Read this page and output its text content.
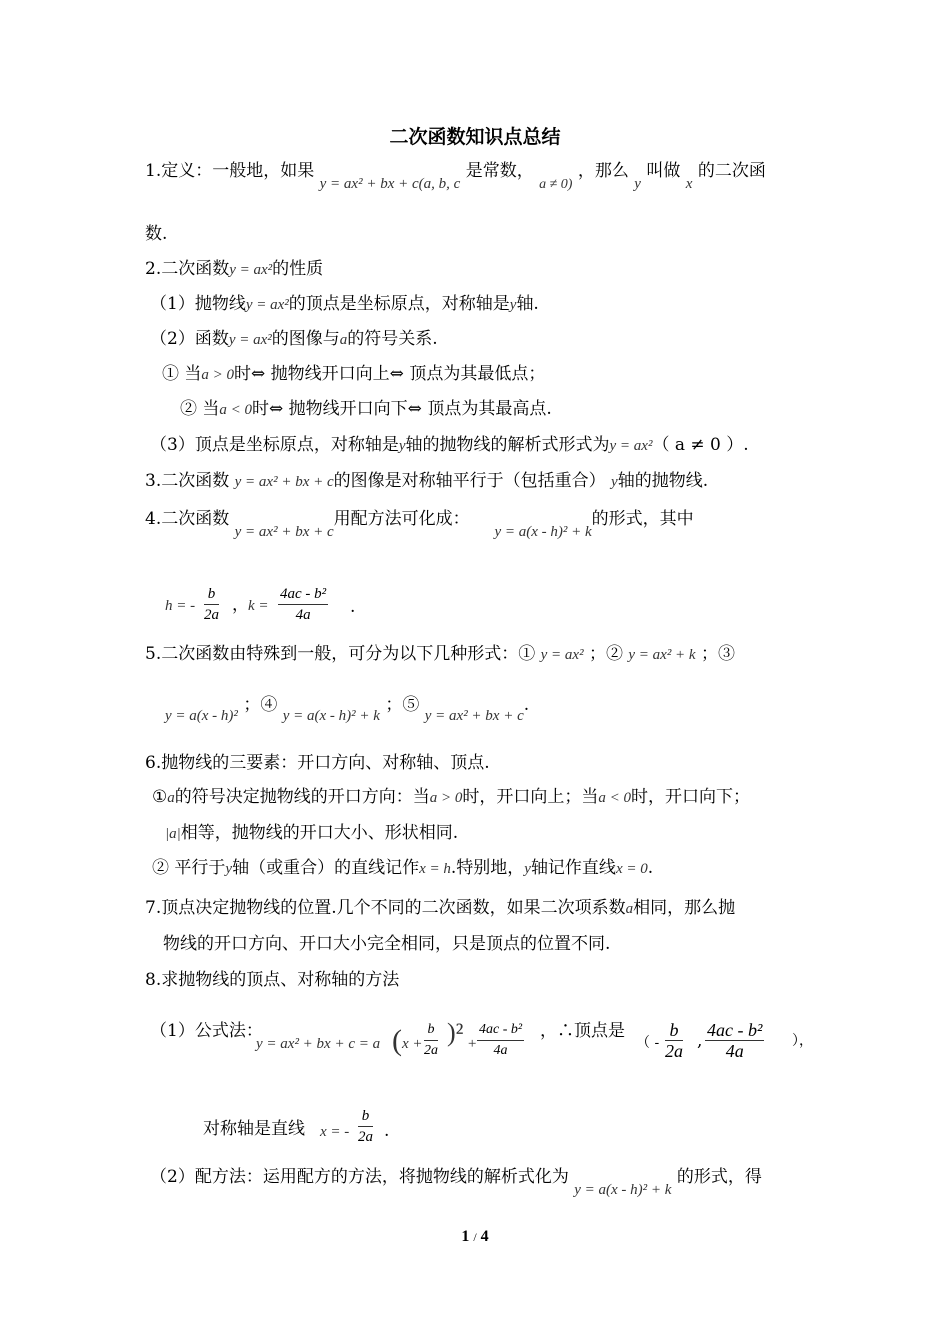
二次函数知识点总结
1.定义：一般地，如果 y = ax² + bx + c(a, b, c 是常数， $_{a \ne 0)}$ ，那么 y 叫做 x 的二次函
数.
2.二次函数y = ax²的性质
（1）抛物线y = ax²的顶点是坐标原点，对称轴是y轴.
（2）函数y = ax²的图像与a的符号关系.
① 当a > 0时⇔ 抛物线开口向上⇔ 顶点为其最低点；
② 当a < 0时⇔ 抛物线开口向下⇔ 顶点为其最高点.
（3）顶点是坐标原点，对称轴是y轴的抛物线的解析式形式为y = ax²（ a ≠ 0 ）.
3.二次函数 y = ax² + bx + c的图像是对称轴平行于（包括重合） y轴的抛物线.
4.二次函数 y = ax² + bx + c用配方法可化成：  y = a(x - h)² + k的形式，其中
h = - $\frac{b}{2a}$ ， $k = \frac{\text{4ac - b²}}{4a}$ .
5.二次函数由特殊到一般，可分为以下几种形式：① y = ax² ；② y = ax² + k ；③
y = a(x - h)² ；④ y = a(x - h)² + k ；⑤ y = ax² + bx + c.
6.抛物线的三要素：开口方向、对称轴、顶点.
①a的符号决定抛物线的开口方向：当a > 0时，开口向上；当a < 0时，开口向下；
|a|相等，抛物线的开口大小、形状相同.
② 平行于y轴（或重合）的直线记作x = h.特别地，y轴记作直线x = 0.
7.顶点决定抛物线的位置.几个不同的二次函数，如果二次项系数a相同，那么抛
物线的开口方向、开口大小完全相同，只是顶点的位置不同.
8.求抛物线的顶点、对称轴的方法
（1）公式法：
y = ax² + bx + c = a ( $x + \frac{b}{2a} )^2 + \frac{\text{4ac - b²}}{4a}$ ，∴顶点是
（ - $\frac{b}{2a}$ , $\frac{\text{4ac - b²}}{4a}$ ），
对称轴是直线 x = - $\frac{b}{2a}$ .
（2）配方法：运用配方的方法，将抛物线的解析式化为 y = a(x - h)² + k 的形式，得
1 / 4
